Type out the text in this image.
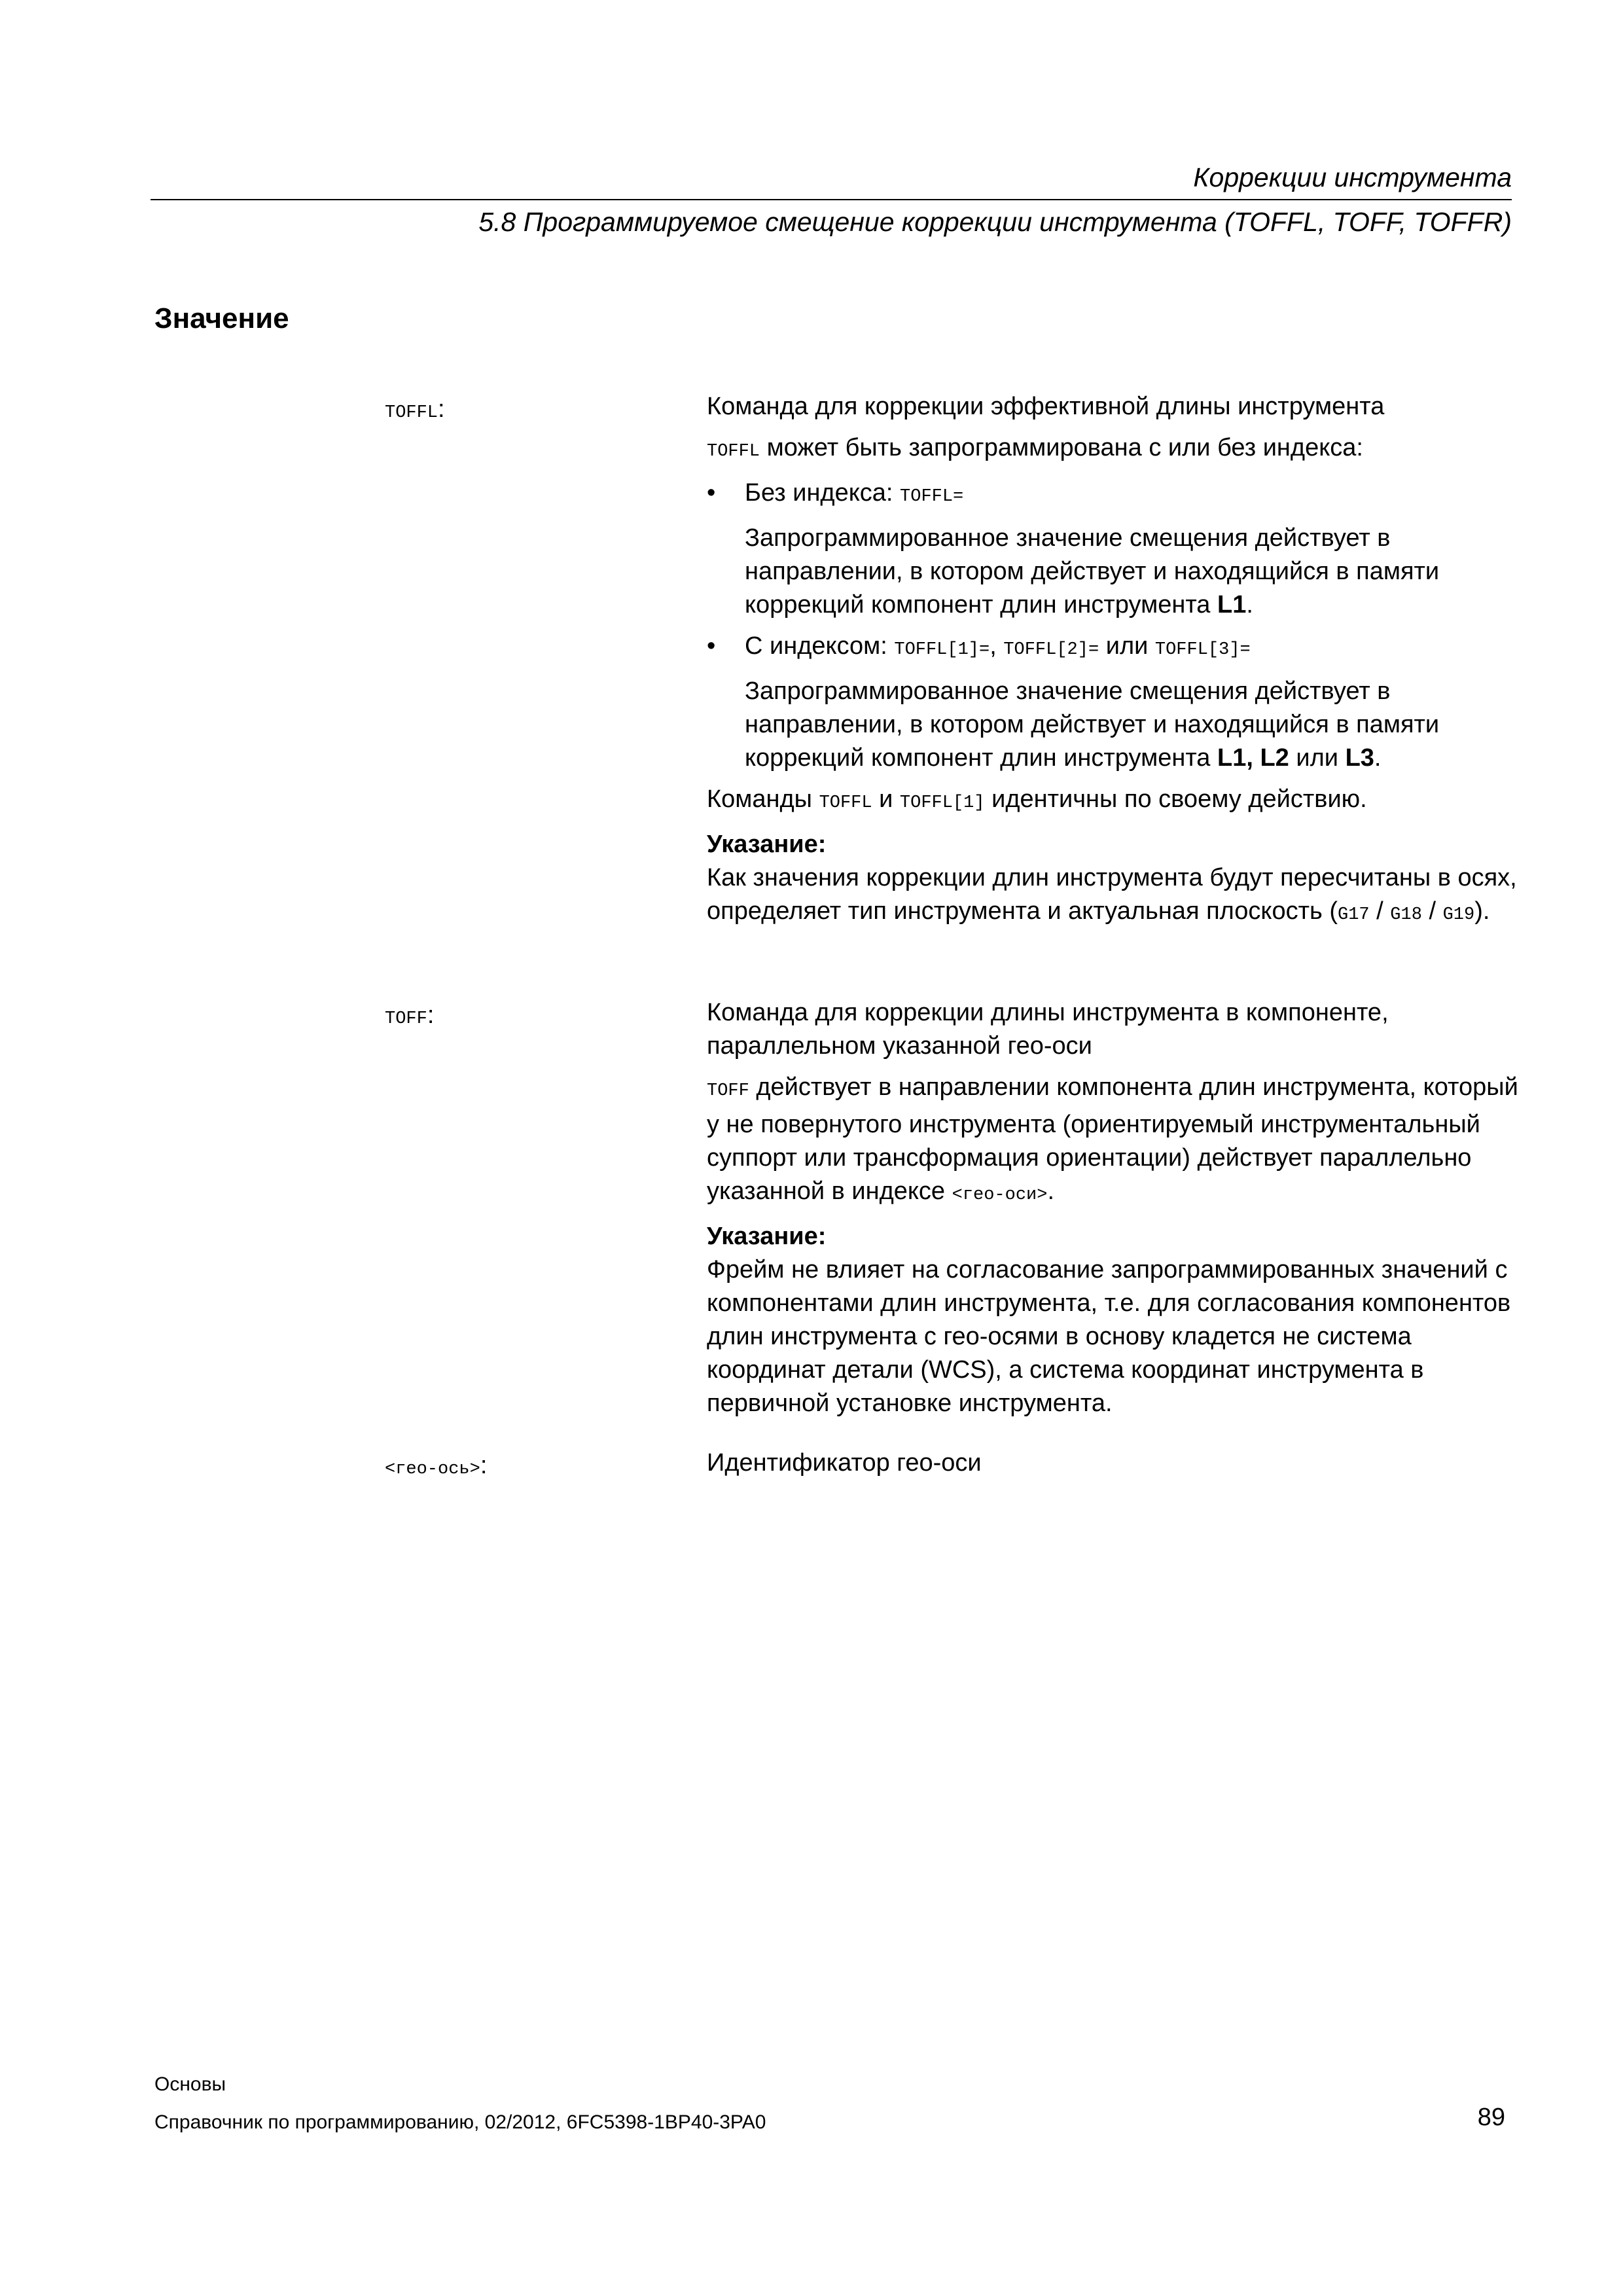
Коррекции инструмента
5.8 Программируемое смещение коррекции инструмента (TOFFL, TOFF, TOFFR)
Значение
TOFFL:	Команда для коррекции эффективной длины инструмента

TOFFL может быть запрограммирована с или без индекса:

• Без индекса: TOFFL=

Запрограммированное значение смещения действует в направлении, в котором действует и находящийся в памяти коррекций компонент длин инструмента L1.

• С индексом: TOFFL[1]=, TOFFL[2]= или TOFFL[3]=

Запрограммированное значение смещения действует в направлении, в котором действует и находящийся в памяти коррекций компонент длин инструмента L1, L2 или L3.

Команды TOFFL и TOFFL[1] идентичны по своему действию.

Указание:

Как значения коррекции длин инструмента будут пересчитаны в осях, определяет тип инструмента и актуальная плоскость (G17 / G18 / G19).

TOFF:	Команда для коррекции длины инструмента в компоненте, параллельном указанной гео-оси

TOFF действует в направлении компонента длин инструмента, который у не повернутого инструмента (ориентируемый инструментальный суппорт или трансформация ориентации) действует параллельно указанной в индексе <гео-оси>.

Указание:

Фрейм не влияет на согласование запрограммированных значений с компонентами длин инструмента, т.е. для согласования компонентов длин инструмента с гео-осями в основу кладется не система координат детали (WCS), а система координат инструмента в первичной установке инструмента.

<гео-ось>:	Идентификатор гео-оси

Основы
Справочник по программированию, 02/2012, 6FC5398-1BP40-3PA0	89
